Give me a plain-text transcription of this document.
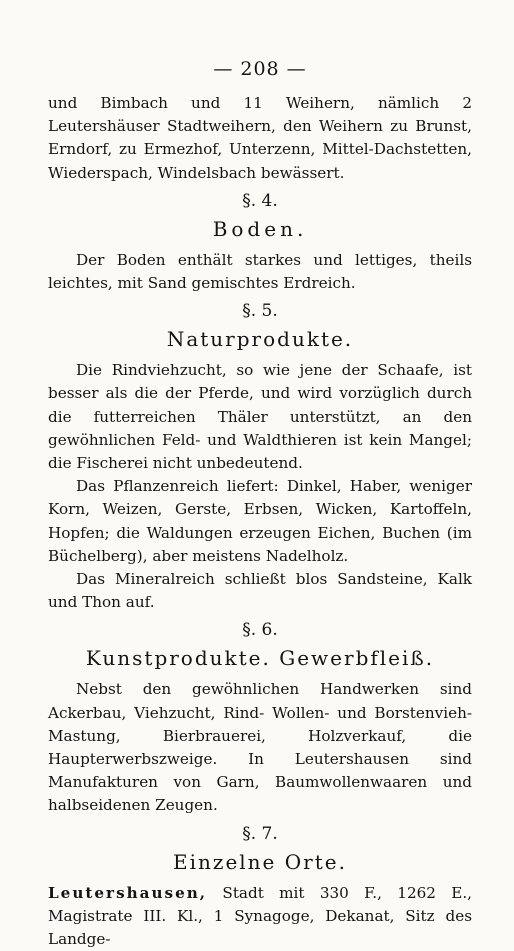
— 208 —

und Bimbach und 11 Weihern, nämlich 2 Leutershäuser Stadtweihern, den Weihern zu Brunst, Erndorf, zu Ermezhof, Unterzenn, Mittel-Dachstetten, Wiederspach, Windelsbach bewässert.

§. 4.
Boden.

Der Boden enthält starkes und lettiges, theils leichtes, mit Sand gemischtes Erdreich.

§. 5.
Naturprodukte.

Die Rindviehzucht, so wie jene der Schaafe, ist besser als die der Pferde, und wird vorzüglich durch die futterreichen Thäler unterstützt, an den gewöhnlichen Feld- und Waldthieren ist kein Mangel; die Fischerei nicht unbedeutend.

Das Pflanzenreich liefert: Dinkel, Haber, weniger Korn, Weizen, Gerste, Erbsen, Wicken, Kartoffeln, Hopfen; die Waldungen erzeugen Eichen, Buchen (im Büchelberg), aber meistens Nadelholz.

Das Mineralreich schließt blos Sandsteine, Kalk und Thon auf.

§. 6.
Kunstprodukte. Gewerbfleiß.

Nebst den gewöhnlichen Handwerken sind Ackerbau, Viehzucht, Rind- Wollen- und Borstenvieh-Mastung, Bierbrauerei, Holzverkauf, die Haupterwerbszweige. In Leutershausen sind Manufakturen von Garn, Baumwollenwaaren und halbseidenen Zeugen.

§. 7.
Einzelne Orte.

Leutershausen, Stadt mit 330 F., 1262 E., Magistrate III. Kl., 1 Synagoge, Dekanat, Sitz des Landge-
